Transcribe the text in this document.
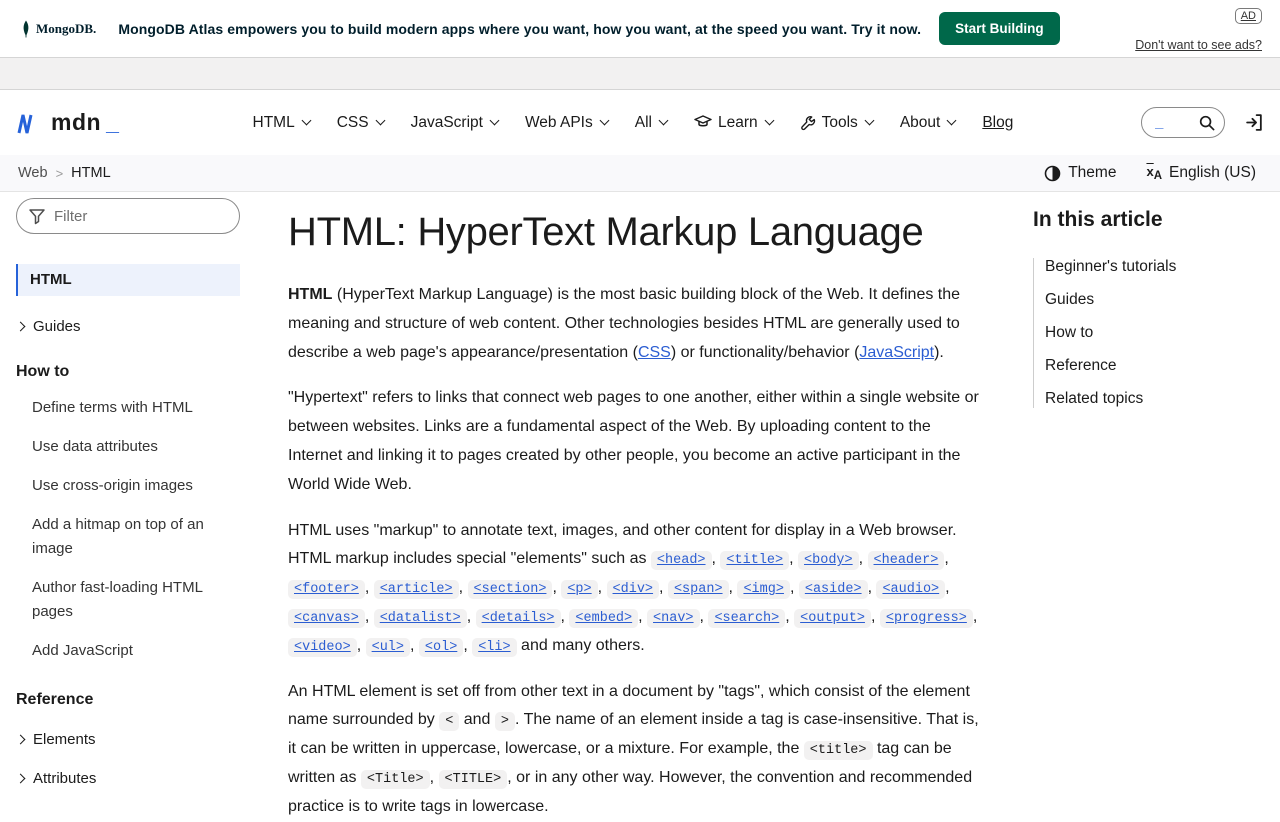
MongoDB. MongoDB Atlas empowers you to build modern apps where you want, how you want, at the speed you want. Try it now.	Start Building
AD
Don't want to see ads?
mdn _	HTML	CSS	JavaScript	Web APIs	All	Learn	Tools	About	Blog
_
Web > HTML	Theme xA English (US)
Filter
HTML
Guides
How to
Define terms with HTML
Use data attributes
Use cross-origin images
Add a hitmap on top of an image
Author fast-loading HTML pages
Add JavaScript
Reference
Elements
Attributes
HTML: HyperText Markup Language

HTML (HyperText Markup Language) is the most basic building block of the Web. It defines the meaning and structure of web content. Other technologies besides HTML are generally used to describe a web page's appearance/presentation (CSS) or functionality/behavior (JavaScript).

"Hypertext" refers to links that connect web pages to one another, either within a single website or between websites. Links are a fundamental aspect of the Web. By uploading content to the Internet and linking it to pages created by other people, you become an active participant in the World Wide Web.

HTML uses "markup" to annotate text, images, and other content for display in a Web browser. HTML markup includes special "elements" such as <head> , <title> , <body> , <header> , <footer> , <article> , <section> , <p> , <div> , <span> , <img> , <aside> , <audio> , <canvas> , <datalist> , <details> , <embed> , <nav> , <search> , <output> , <progress> , <video> , <ul> , <ol> , <li> and many others.

An HTML element is set off from other text in a document by "tags", which consist of the element name surrounded by < and > . The name of an element inside a tag is case-insensitive. That is, it can be written in uppercase, lowercase, or a mixture. For example, the <title> tag can be written as <Title> , <TITLE> , or in any other way. However, the convention and recommended practice is to write tags in lowercase.

In this article
Beginner's tutorials
Guides
How to
Reference
Related topics
